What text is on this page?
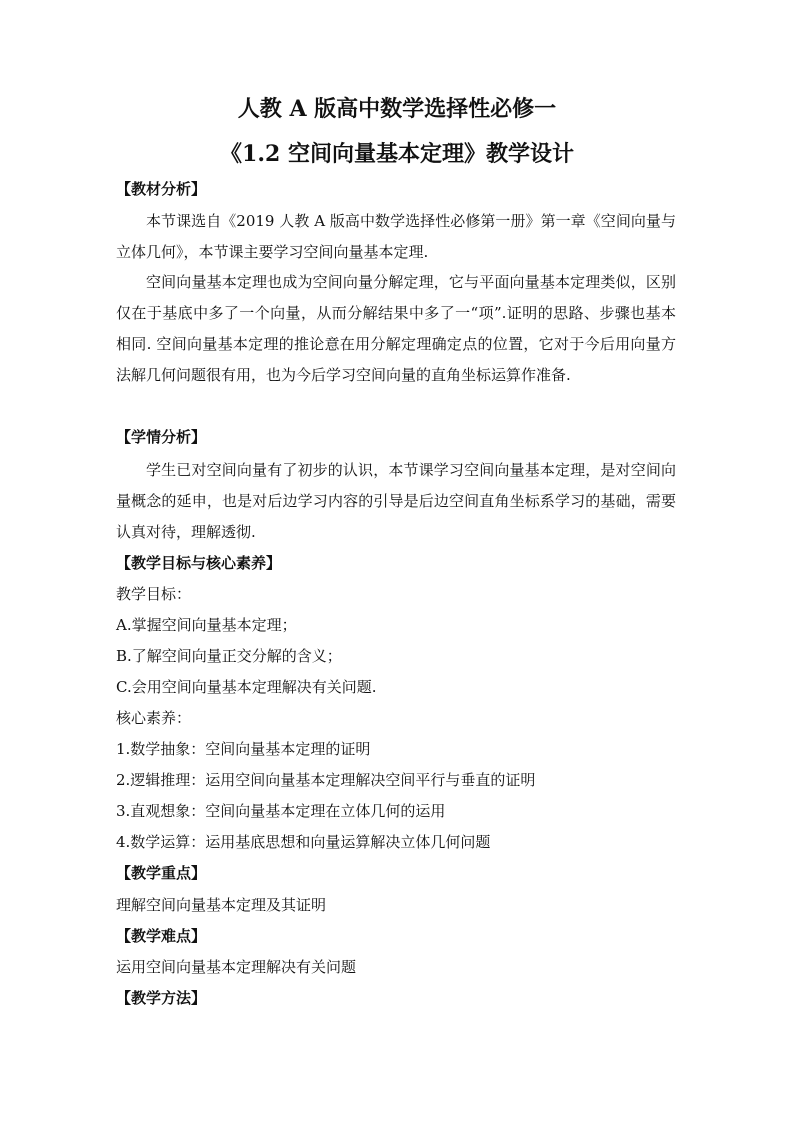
人教 A 版高中数学选择性必修一
《1.2 空间向量基本定理》教学设计
【教材分析】
本节课选自《2019 人教 A 版高中数学选择性必修第一册》第一章《空间向量与立体几何》，本节课主要学习空间向量基本定理.
空间向量基本定理也成为空间向量分解定理，它与平面向量基本定理类似，区别仅在于基底中多了一个向量，从而分解结果中多了一“项”.证明的思路、步骤也基本相同. 空间向量基本定理的推论意在用分解定理确定点的位置，它对于今后用向量方法解几何问题很有用，也为今后学习空间向量的直角坐标运算作准备.
【学情分析】
学生已对空间向量有了初步的认识，本节课学习空间向量基本定理，是对空间向量概念的延申，也是对后边学习内容的引导是后边空间直角坐标系学习的基础，需要认真对待，理解透彻.
【教学目标与核心素养】
教学目标：
A.掌握空间向量基本定理；
B.了解空间向量正交分解的含义；
C.会用空间向量基本定理解决有关问题.
核心素养：
1.数学抽象：空间向量基本定理的证明
2.逻辑推理：运用空间向量基本定理解决空间平行与垂直的证明
3.直观想象：空间向量基本定理在立体几何的运用
4.数学运算：运用基底思想和向量运算解决立体几何问题
【教学重点】
理解空间向量基本定理及其证明
【教学难点】
运用空间向量基本定理解决有关问题
【教学方法】
